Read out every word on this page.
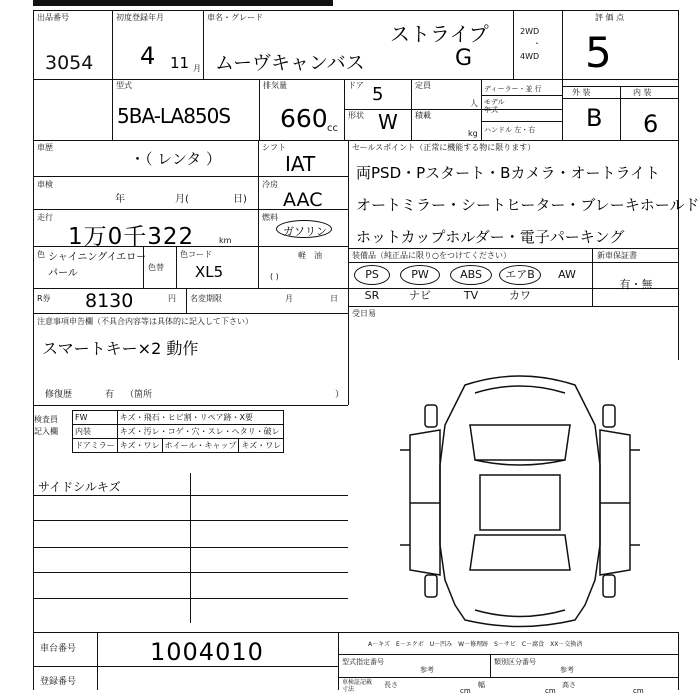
出品番号
3054
初度登録年月
4 11 月
車名・グレード
ムーヴキャンバス
ストライプ
G
2WD
・
4WD
評 価 点
5
型式
5BA-LA850S
排気量
660 cc
ドア 5
形状 W
定員
人
積載
kg
ディーラー・並 行
モデル
年式
ハンドル 左・右
外 装	内 装
B 6
車歴
・（ レンタ ）
シフト
IAT
車検
年	月(	日)
冷房
AAC
走行
1万0千322	km
燃料
ガソリン
軽　油
( )
色 シャイニングイエロー
パール
色替
色コード
XL5
R券 8130	円 名変期限	月	日
セールスポイント（正常に機能する物に限ります）
両PSD・Pスタート・Bカメラ・オートライト
オートミラー・シートヒーター・ブレーキホールド
ホットカップホルダー・電子パーキング
装備品（純正品に限り○をつけてください）	新車保証書
PS	PW	ABS	エアB	AW
SR	ナビ	TV	カワ
有・無
受日易
注意事項申告欄（不具合内容等は具体的に記入して下さい）
スマートキー×2 動作
修復歴	有 （箇所	）
検査員
記入欄
FW	キズ・飛石・ヒビ割・リペア跡・X要		
内装	キズ・汚レ・コゲ・穴・スレ・ヘタリ・破レ		
ドアミラー	キズ・ワレ	ホイール・キャップ	キズ・ワレ
サイドシルキズ
A－キズ　E－エクボ　U－凹み　W－修理跡　S－サビ　C－腐食　XX－交換済
車台番号	1004010
登録番号
型式指定番号
参考
類別区分番号
参考
車検証記載
寸法
長さ
cm
幅
cm
高さ
cm
